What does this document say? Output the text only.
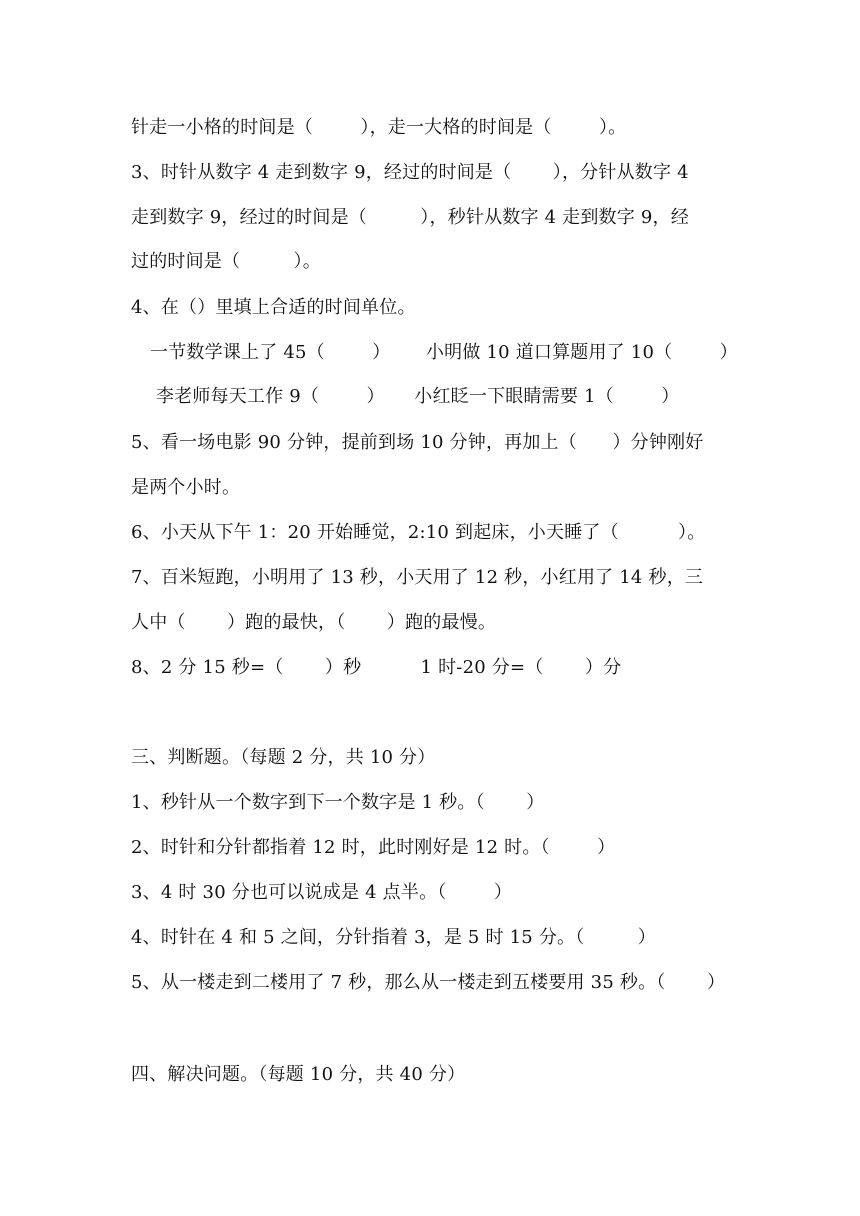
针走一小格的时间是（        ），走一大格的时间是（        ）。
3、时针从数字 4 走到数字 9，经过的时间是（       ），分针从数字 4
走到数字 9，经过的时间是（         ），秒针从数字 4 走到数字 9，经
过的时间是（         ）。
4、在（）里填上合适的时间单位。
一节数学课上了 45（        ）      小明做 10 道口算题用了 10（        ）
李老师每天工作 9（        ）     小红眨一下眼睛需要 1（        ）
5、看一场电影 90 分钟，提前到场 10 分钟，再加上（      ）分钟刚好
是两个小时。
6、小天从下午 1：20 开始睡觉，2:10 到起床，小天睡了（          ）。
7、百米短跑，小明用了 13 秒，小天用了 12 秒，小红用了 14 秒，三
人中（       ）跑的最快，（       ）跑的最慢。
8、2 分 15 秒=（       ）秒          1 时-20 分=（       ）分
三、判断题。（每题 2 分，共 10 分）
1、秒针从一个数字到下一个数字是 1 秒。（       ）
2、时针和分针都指着 12 时，此时刚好是 12 时。（        ）
3、4 时 30 分也可以说成是 4 点半。（        ）
4、时针在 4 和 5 之间，分针指着 3，是 5 时 15 分。（         ）
5、从一楼走到二楼用了 7 秒，那么从一楼走到五楼要用 35 秒。（       ）
四、解决问题。（每题 10 分，共 40 分）
